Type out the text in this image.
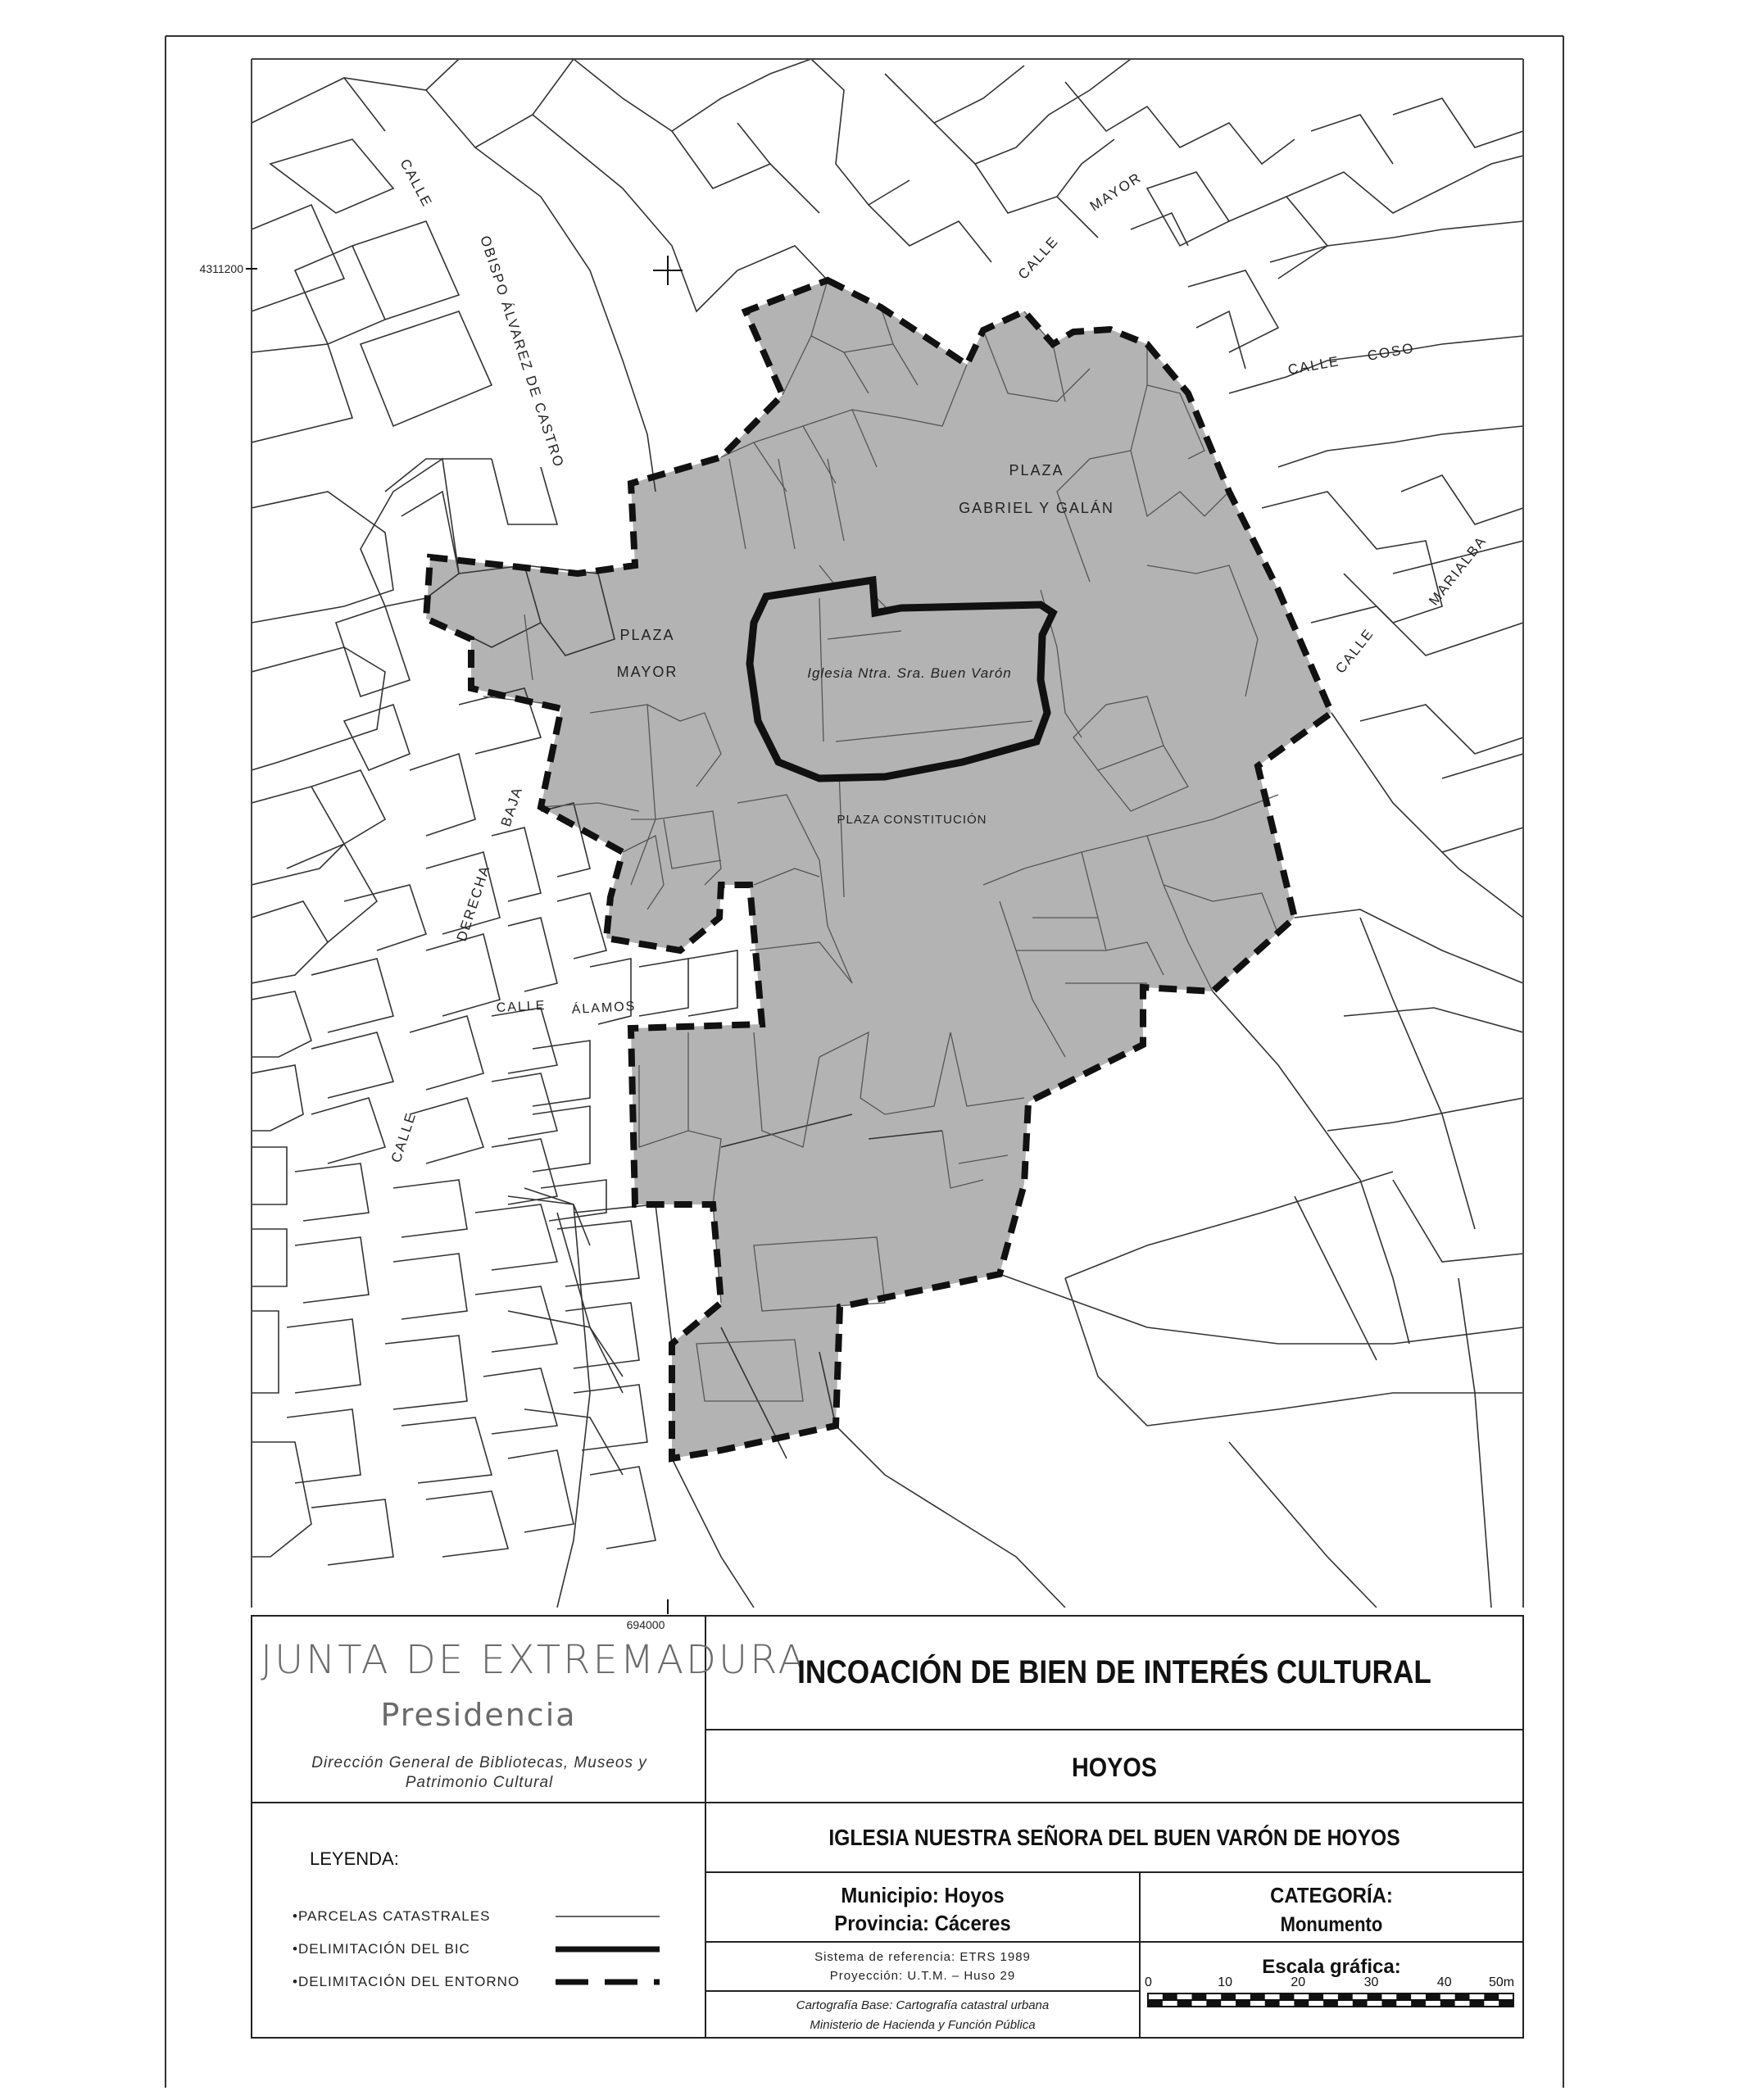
CALLE
OBISPO ÁLVAREZ DE CASTRO	CALLE
MAYOR
CALLE
COSO
CALLE
MARIALBA
PLAZA
GABRIEL Y GALÁN
PLAZA
MAYOR	Iglesia Ntra. Sra. Buen Varón
PLAZA CONSTITUCIÓN
DERECHA
BAJA
CALLE ÁLAMOS
CALLE
4311200
694000
JUNTA DE EXTREMADURA
Presidencia
Dirección General de Bibliotecas, Museos y Patrimonio Cultural
INCOACIÓN DE BIEN DE INTERÉS CULTURAL
HOYOS
IGLESIA NUESTRA SEÑORA DEL BUEN VARÓN DE HOYOS
Municipio: Hoyos
Provincia: Cáceres
Sistema de referencia: ETRS 1989
Proyección: U.T.M. – Huso 29
Cartografía Base: Cartografía catastral urbana
Ministerio de Hacienda y Función Pública
CATEGORÍA:
Monumento
Escala gráfica:
0	10	20	30	40	50m
LEYENDA:
•PARCELAS CATASTRALES
•DELIMITACIÓN DEL BIC
•DELIMITACIÓN DEL ENTORNO
